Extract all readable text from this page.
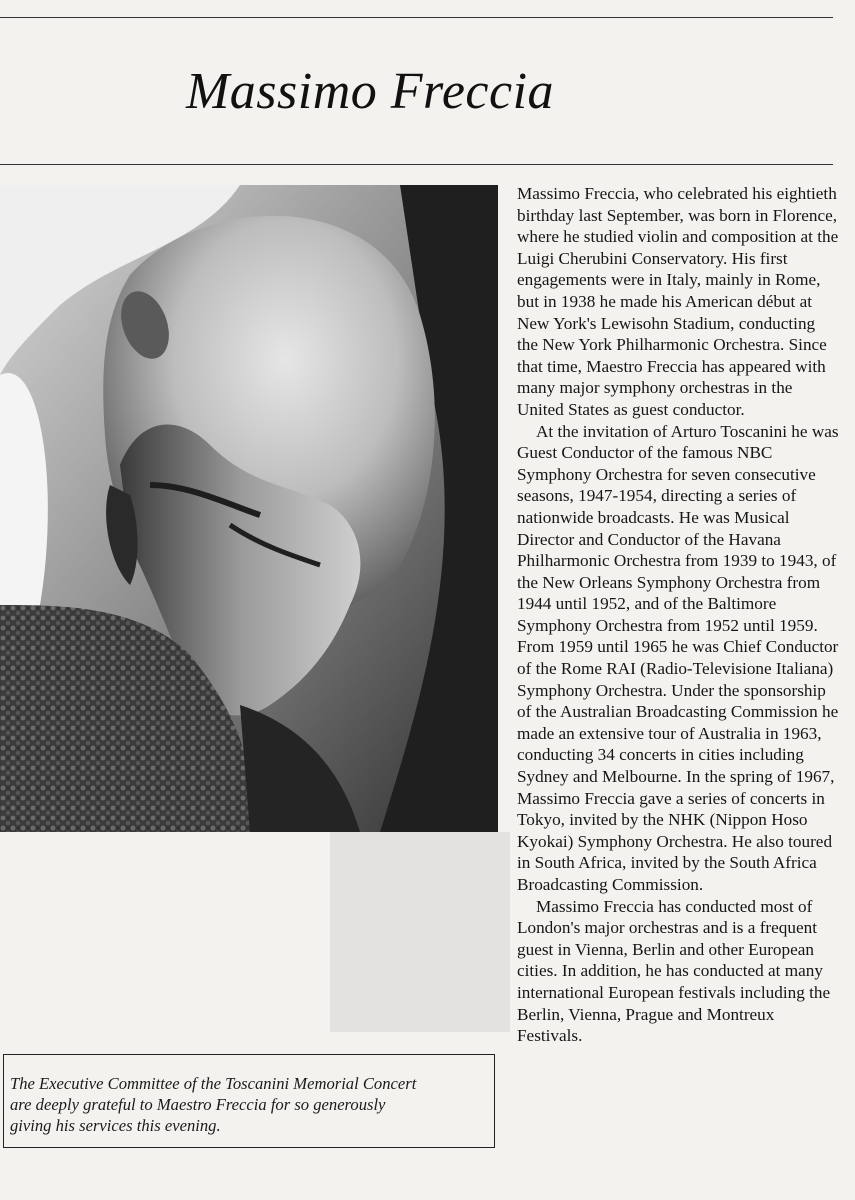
Massimo Freccia

Massimo Freccia, who celebrated his eightieth birthday last September, was born in Florence, where he studied violin and composition at the Luigi Cherubini Conservatory. His first engagements were in Italy, mainly in Rome, but in 1938 he made his American début at New York's Lewisohn Stadium, conducting the New York Philharmonic Orchestra. Since that time, Maestro Freccia has appeared with many major symphony orchestras in the United States as guest conductor.

At the invitation of Arturo Toscanini he was Guest Conductor of the famous NBC Symphony Orchestra for seven consecutive seasons, 1947-1954, directing a series of nationwide broadcasts. He was Musical Director and Conductor of the Havana Philharmonic Orchestra from 1939 to 1943, of the New Orleans Symphony Orchestra from 1944 until 1952, and of the Baltimore Symphony Orchestra from 1952 until 1959. From 1959 until 1965 he was Chief Conductor of the Rome RAI (Radio-Televisione Italiana) Symphony Orchestra. Under the sponsorship of the Australian Broadcasting Commission he made an extensive tour of Australia in 1963, conducting 34 concerts in cities including Sydney and Melbourne. In the spring of 1967, Massimo Freccia gave a series of concerts in Tokyo, invited by the NHK (Nippon Hoso Kyokai) Symphony Orchestra. He also toured in South Africa, invited by the South Africa Broadcasting Commission.

Massimo Freccia has conducted most of London's major orchestras and is a frequent guest in Vienna, Berlin and other European cities. In addition, he has conducted at many international European festivals including the Berlin, Vienna, Prague and Montreux Festivals.

The Executive Committee of the Toscanini Memorial Concert
are deeply grateful to Maestro Freccia for so generously
giving his services this evening.
